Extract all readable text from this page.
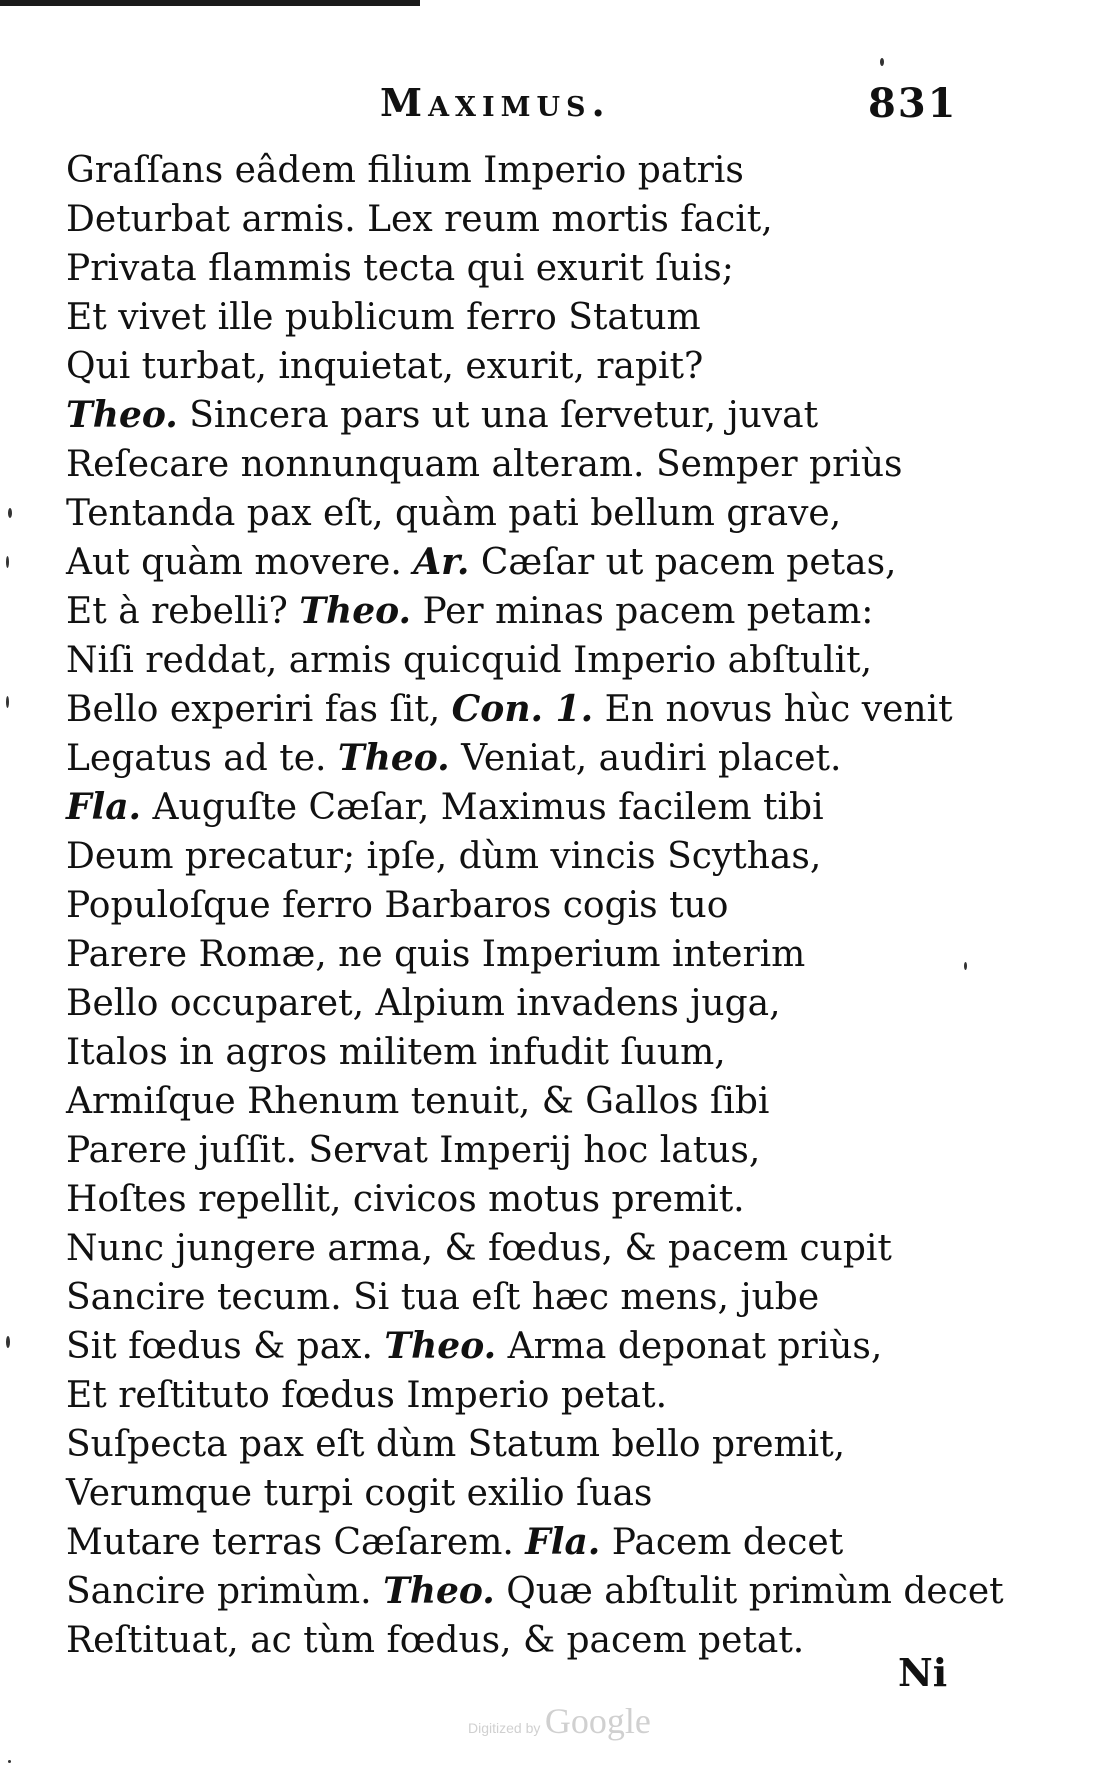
Maximus.	831
Graſſans eâdem filium Imperio patris
Deturbat armis. Lex reum mortis facit,
Privata flammis tecta qui exurit ſuis;
Et vivet ille publicum ferro Statum
Qui turbat, inquietat, exurit, rapit?
Theo. Sincera pars ut una ſervetur, juvat
Reſecare nonnunquam alteram. Semper priùs
Tentanda pax eſt, quàm pati bellum grave,
Aut quàm movere. Ar. Cæſar ut pacem petas,
Et à rebelli? Theo. Per minas pacem petam:
Niſi reddat, armis quicquid Imperio abſtulit,
Bello experiri fas ſit, Con. 1. En novus hùc venit
Legatus ad te. Theo. Veniat, audiri placet.
Fla. Auguſte Cæſar, Maximus facilem tibi
Deum precatur; ipſe, dùm vincis Scythas,
Populoſque ferro Barbaros cogis tuo
Parere Romæ, ne quis Imperium interim
Bello occuparet, Alpium invadens juga,
Italos in agros militem infudit ſuum,
Armiſque Rhenum tenuit, & Gallos ſibi
Parere juſſit. Servat Imperij hoc latus,
Hoſtes repellit, civicos motus premit.
Nunc jungere arma, & fœdus, & pacem cupit
Sancire tecum. Si tua eſt hæc mens, jube
Sit fœdus & pax. Theo. Arma deponat priùs,
Et reſtituto fœdus Imperio petat.
Suſpecta pax eſt dùm Statum bello premit,
Verumque turpi cogit exilio ſuas
Mutare terras Cæſarem. Fla. Pacem decet
Sancire primùm. Theo. Quæ abſtulit primùm decet
Reſtituat, ac tùm fœdus, & pacem petat.
Ni
Digitized by Google
